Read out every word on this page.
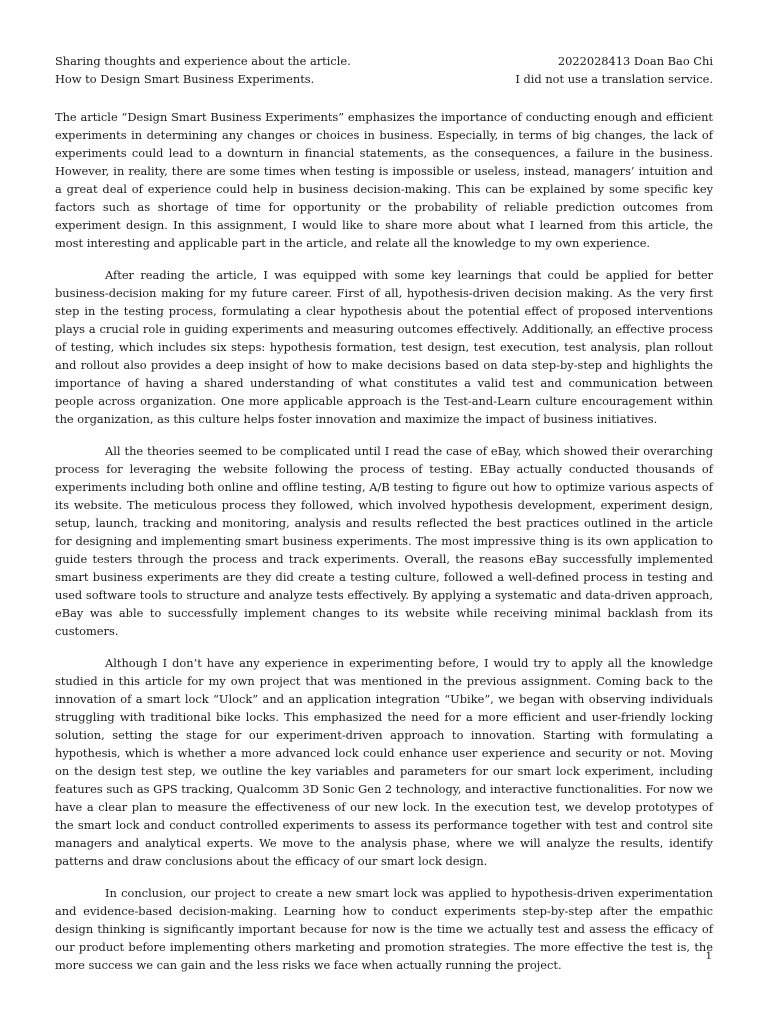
Sharing thoughts and experience about the article.	2022028413 Doan Bao Chi
How to Design Smart Business Experiments.	I did not use a translation service.

The article “Design Smart Business Experiments” emphasizes the importance of conducting enough and efficient experiments in determining any changes or choices in business. Especially, in terms of big changes, the lack of experiments could lead to a downturn in financial statements, as the consequences, a failure in the business. However, in reality, there are some times when testing is impossible or useless, instead, managers’ intuition and a great deal of experience could help in business decision-making. This can be explained by some specific key factors such as shortage of time for opportunity or the probability of reliable prediction outcomes from experiment design. In this assignment, I would like to share more about what I learned from this article, the most interesting and applicable part in the article, and relate all the knowledge to my own experience.

After reading the article, I was equipped with some key learnings that could be applied for better business-decision making for my future career. First of all, hypothesis-driven decision making. As the very first step in the testing process, formulating a clear hypothesis about the potential effect of proposed interventions plays a crucial role in guiding experiments and measuring outcomes effectively. Additionally, an effective process of testing, which includes six steps: hypothesis formation, test design, test execution, test analysis, plan rollout and rollout also provides a deep insight of how to make decisions based on data step-by-step and highlights the importance of having a shared understanding of what constitutes a valid test and communication between people across organization. One more applicable approach is the Test-and-Learn culture encouragement within the organization, as this culture helps foster innovation and maximize the impact of business initiatives.

All the theories seemed to be complicated until I read the case of eBay, which showed their overarching process for leveraging the website following the process of testing. EBay actually conducted thousands of experiments including both online and offline testing, A/B testing to figure out how to optimize various aspects of its website. The meticulous process they followed, which involved hypothesis development, experiment design, setup, launch, tracking and monitoring, analysis and results reflected the best practices outlined in the article for designing and implementing smart business experiments. The most impressive thing is its own application to guide testers through the process and track experiments. Overall, the reasons eBay successfully implemented smart business experiments are they did create a testing culture, followed a well-defined process in testing and used software tools to structure and analyze tests effectively. By applying a systematic and data-driven approach, eBay was able to successfully implement changes to its website while receiving minimal backlash from its customers.

Although I don’t have any experience in experimenting before, I would try to apply all the knowledge studied in this article for my own project that was mentioned in the previous assignment. Coming back to the innovation of a smart lock “Ulock” and an application integration “Ubike”, we began with observing individuals struggling with traditional bike locks. This emphasized the need for a more efficient and user-friendly locking solution, setting the stage for our experiment-driven approach to innovation. Starting with formulating a hypothesis, which is whether a more advanced lock could enhance user experience and security or not. Moving on the design test step, we outline the key variables and parameters for our smart lock experiment, including features such as GPS tracking, Qualcomm 3D Sonic Gen 2 technology, and interactive functionalities. For now we have a clear plan to measure the effectiveness of our new lock. In the execution test, we develop prototypes of the smart lock and conduct controlled experiments to assess its performance together with test and control site managers and analytical experts. We move to the analysis phase, where we will analyze the results, identify patterns and draw conclusions about the efficacy of our smart lock design.

In conclusion, our project to create a new smart lock was applied to hypothesis-driven experimentation and evidence-based decision-making. Learning how to conduct experiments step-by-step after the empathic design thinking is significantly important because for now is the time we actually test and assess the efficacy of our product before implementing others marketing and promotion strategies. The more effective the test is, the more success we can gain and the less risks we face when actually running the project.

1
